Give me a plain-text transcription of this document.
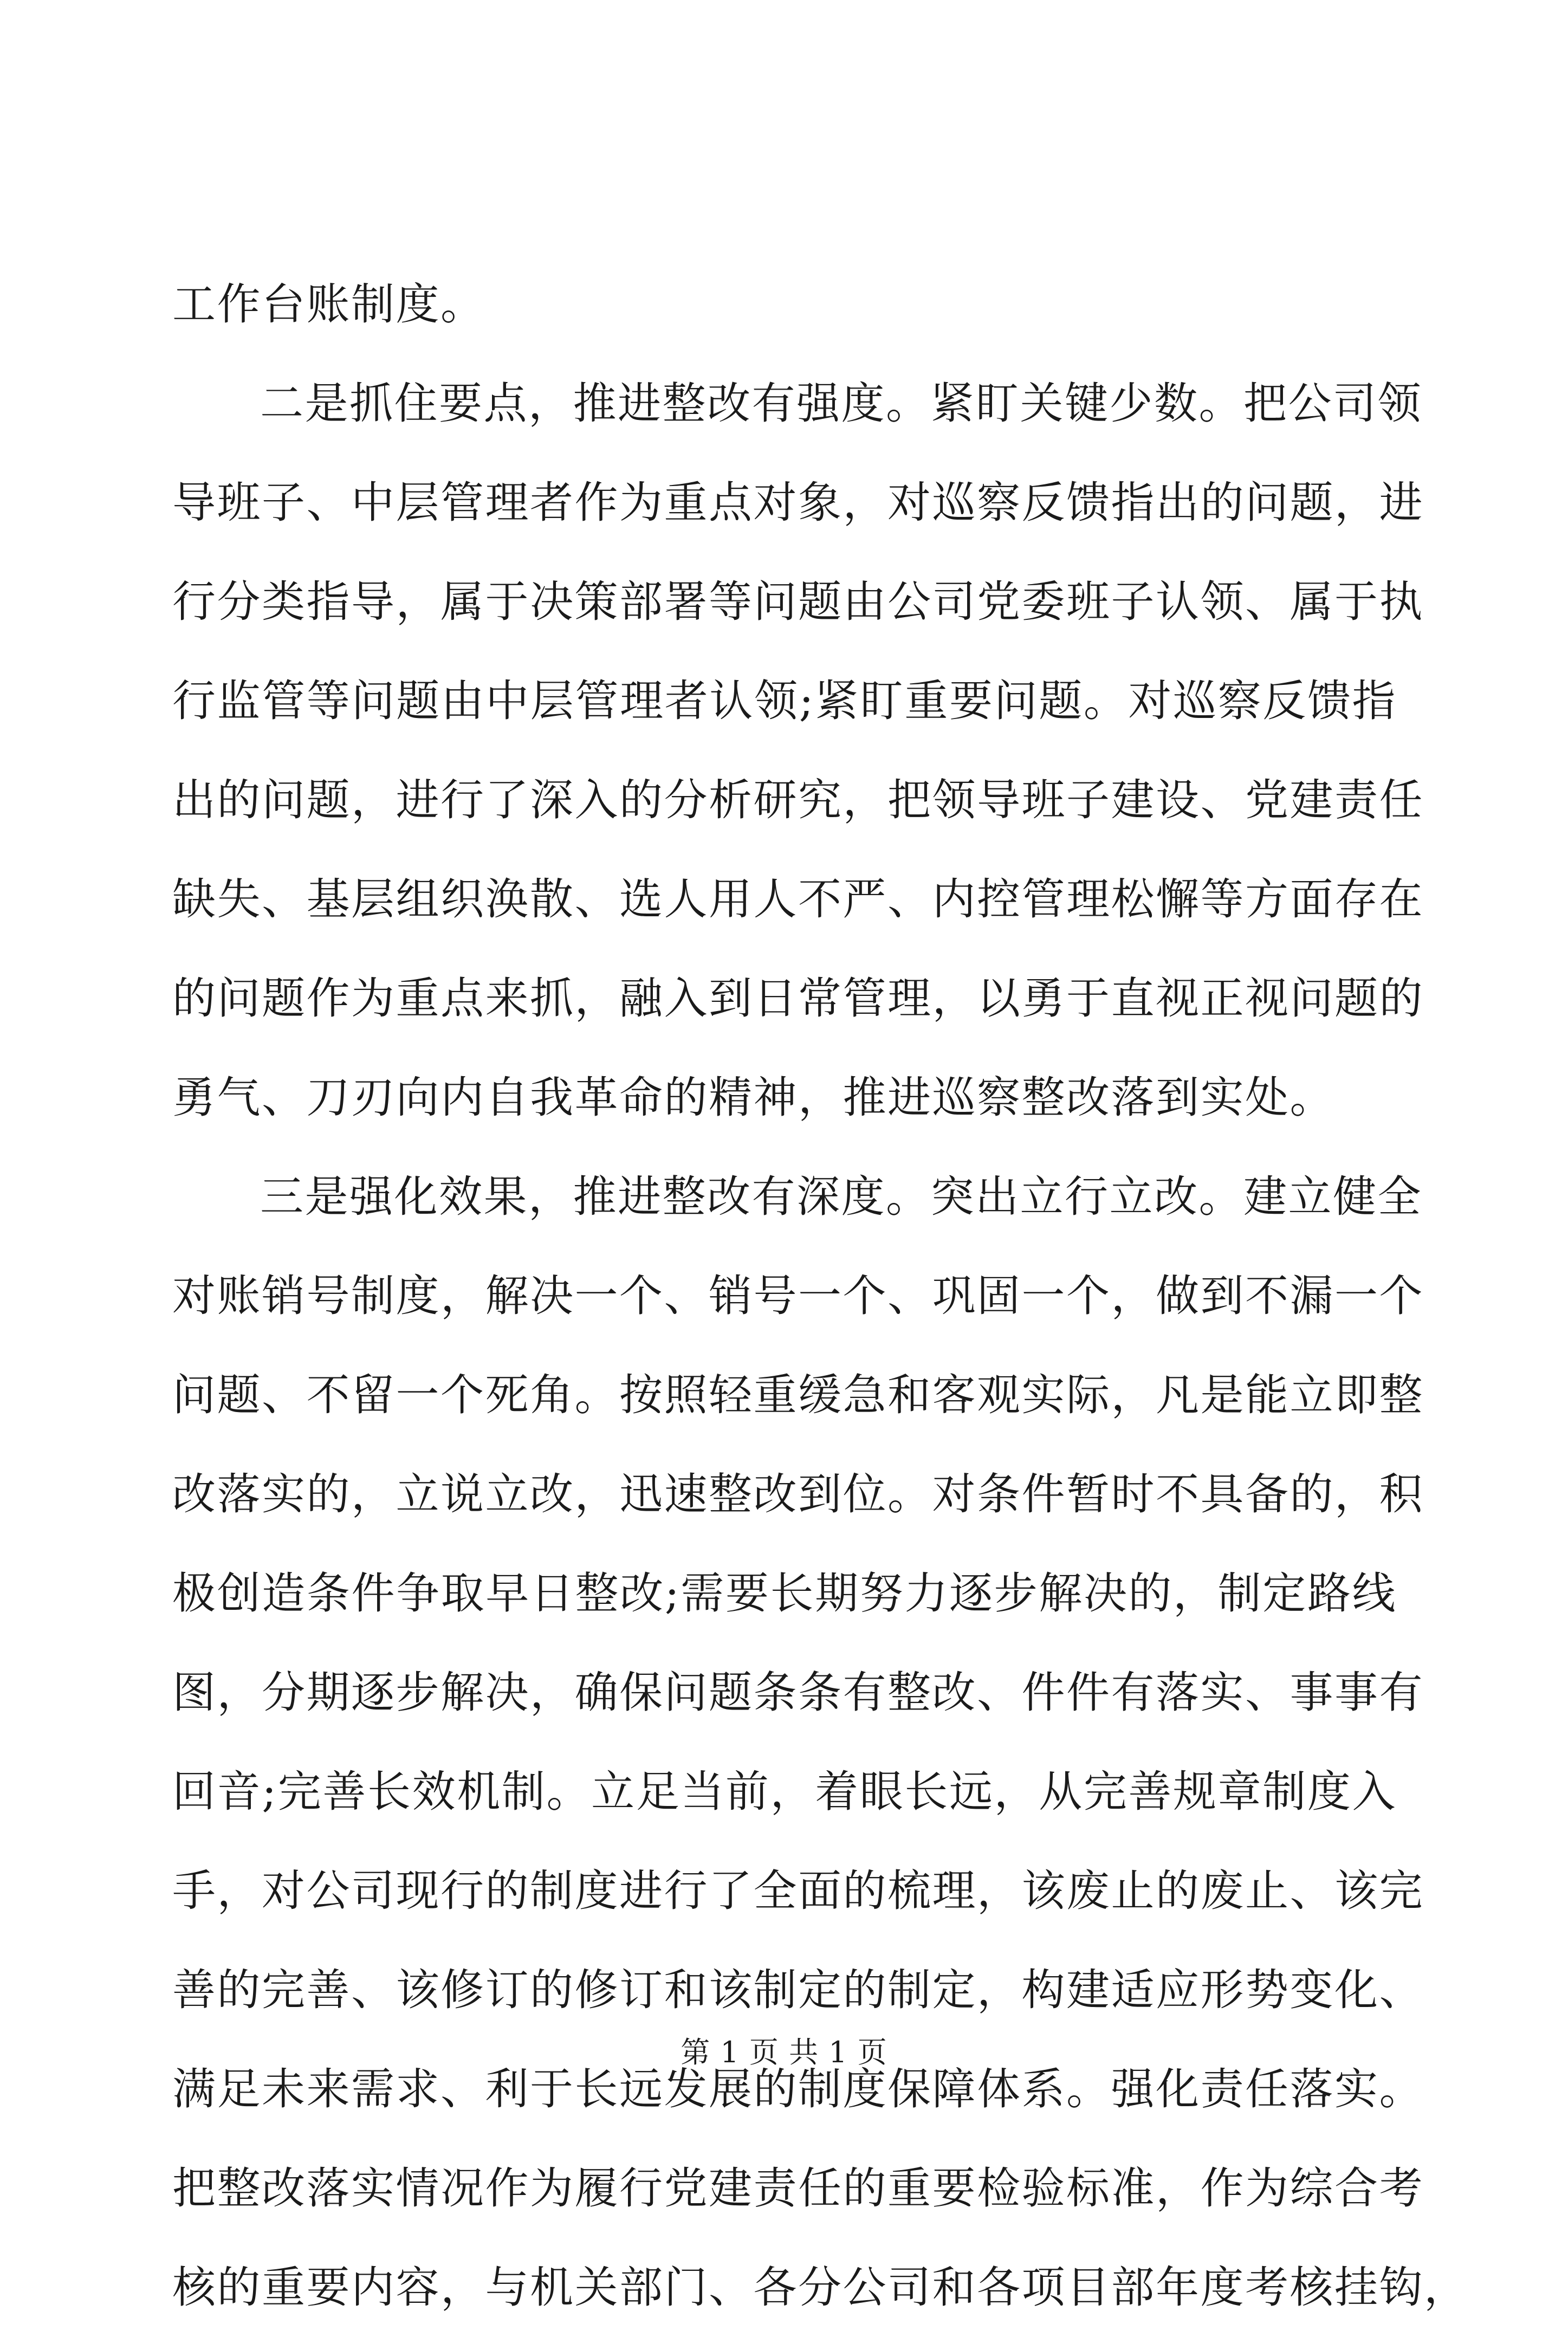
工作台账制度。
二是抓住要点，推进整改有强度。紧盯关键少数。把公司领
导班子、中层管理者作为重点对象，对巡察反馈指出的问题，进
行分类指导，属于决策部署等问题由公司党委班子认领、属于执
行监管等问题由中层管理者认领;紧盯重要问题。对巡察反馈指
出的问题，进行了深入的分析研究，把领导班子建设、党建责任
缺失、基层组织涣散、选人用人不严、内控管理松懈等方面存在
的问题作为重点来抓，融入到日常管理，以勇于直视正视问题的
勇气、刀刃向内自我革命的精神，推进巡察整改落到实处。
三是强化效果，推进整改有深度。突出立行立改。建立健全
对账销号制度，解决一个、销号一个、巩固一个，做到不漏一个
问题、不留一个死角。按照轻重缓急和客观实际，凡是能立即整
改落实的，立说立改，迅速整改到位。对条件暂时不具备的，积
极创造条件争取早日整改;需要长期努力逐步解决的，制定路线
图，分期逐步解决，确保问题条条有整改、件件有落实、事事有
回音;完善长效机制。立足当前，着眼长远，从完善规章制度入
手，对公司现行的制度进行了全面的梳理，该废止的废止、该完
善的完善、该修订的修订和该制定的制定，构建适应形势变化、
满足未来需求、利于长远发展的制度保障体系。强化责任落实。
把整改落实情况作为履行党建责任的重要检验标准，作为综合考
核的重要内容，与机关部门、各分公司和各项目部年度考核挂钩，
第 1 页 共 1 页
